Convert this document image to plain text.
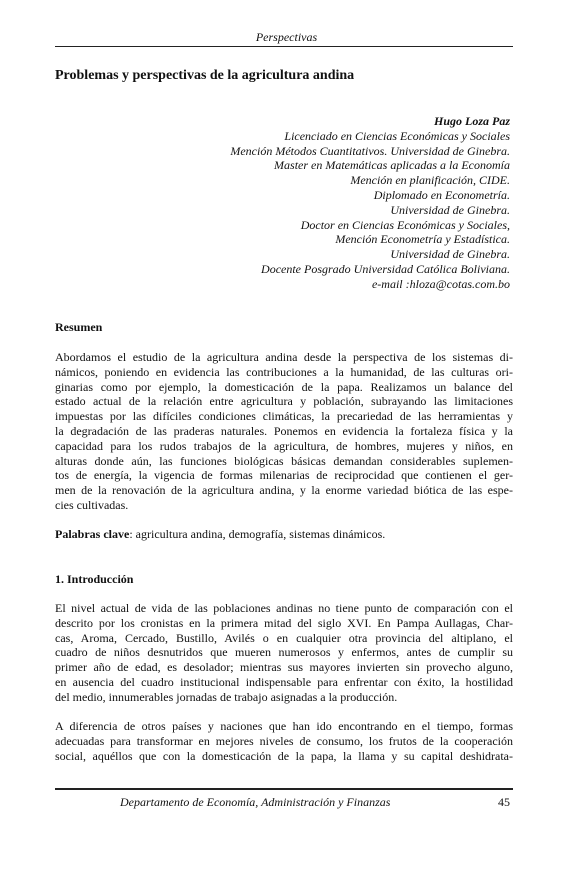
Perspectivas
Problemas y perspectivas de la agricultura andina
Hugo Loza Paz
Licenciado en Ciencias Económicas y Sociales
Mención Métodos Cuantitativos. Universidad de Ginebra.
Master en Matemáticas aplicadas a la Economía
Mención en planificación, CIDE.
Diplomado en Econometría.
Universidad de Ginebra.
Doctor en Ciencias Económicas y Sociales,
Mención Econometría y Estadística.
Universidad de Ginebra.
Docente Posgrado Universidad Católica Boliviana.
e-mail :hloza@cotas.com.bo
Resumen
Abordamos el estudio de la agricultura andina desde la perspectiva de los sistemas di-
námicos, poniendo en evidencia las contribuciones a la humanidad, de las culturas ori-
ginarias como por ejemplo, la domesticación de la papa. Realizamos un balance del
estado actual de la relación entre agricultura y población, subrayando las limitaciones
impuestas por las difíciles condiciones climáticas, la precariedad de las herramientas y
la degradación de las praderas naturales. Ponemos en evidencia la fortaleza física y la
capacidad para los rudos trabajos de la agricultura, de hombres, mujeres y niños, en
alturas donde aún, las funciones biológicas básicas demandan considerables suplemen-
tos de energía, la vigencia de formas milenarias de reciprocidad que contienen el ger-
men de la renovación de la agricultura andina, y la enorme variedad biótica de las espe-
cies cultivadas.
Palabras clave: agricultura andina, demografía, sistemas dinámicos.
1. Introducción
El nivel actual de vida de las poblaciones andinas no tiene punto de comparación con el
descrito por los cronistas en la primera mitad del siglo XVI. En Pampa Aullagas, Char-
cas, Aroma, Cercado, Bustillo, Avilés o en cualquier otra provincia del altiplano, el
cuadro de niños desnutridos que mueren numerosos y enfermos, antes de cumplir su
primer año de edad, es desolador; mientras sus mayores invierten sin provecho alguno,
en ausencia del cuadro institucional indispensable para enfrentar con éxito, la hostilidad
del medio, innumerables jornadas de trabajo asignadas a la producción.
A diferencia de otros países y naciones que han ido encontrando en el tiempo, formas
adecuadas para transformar en mejores niveles de consumo, los frutos de la cooperación
social, aquéllos que con la domesticación de la papa, la llama y su capital deshidrata-
Departamento de Economía, Administración y Finanzas	45
